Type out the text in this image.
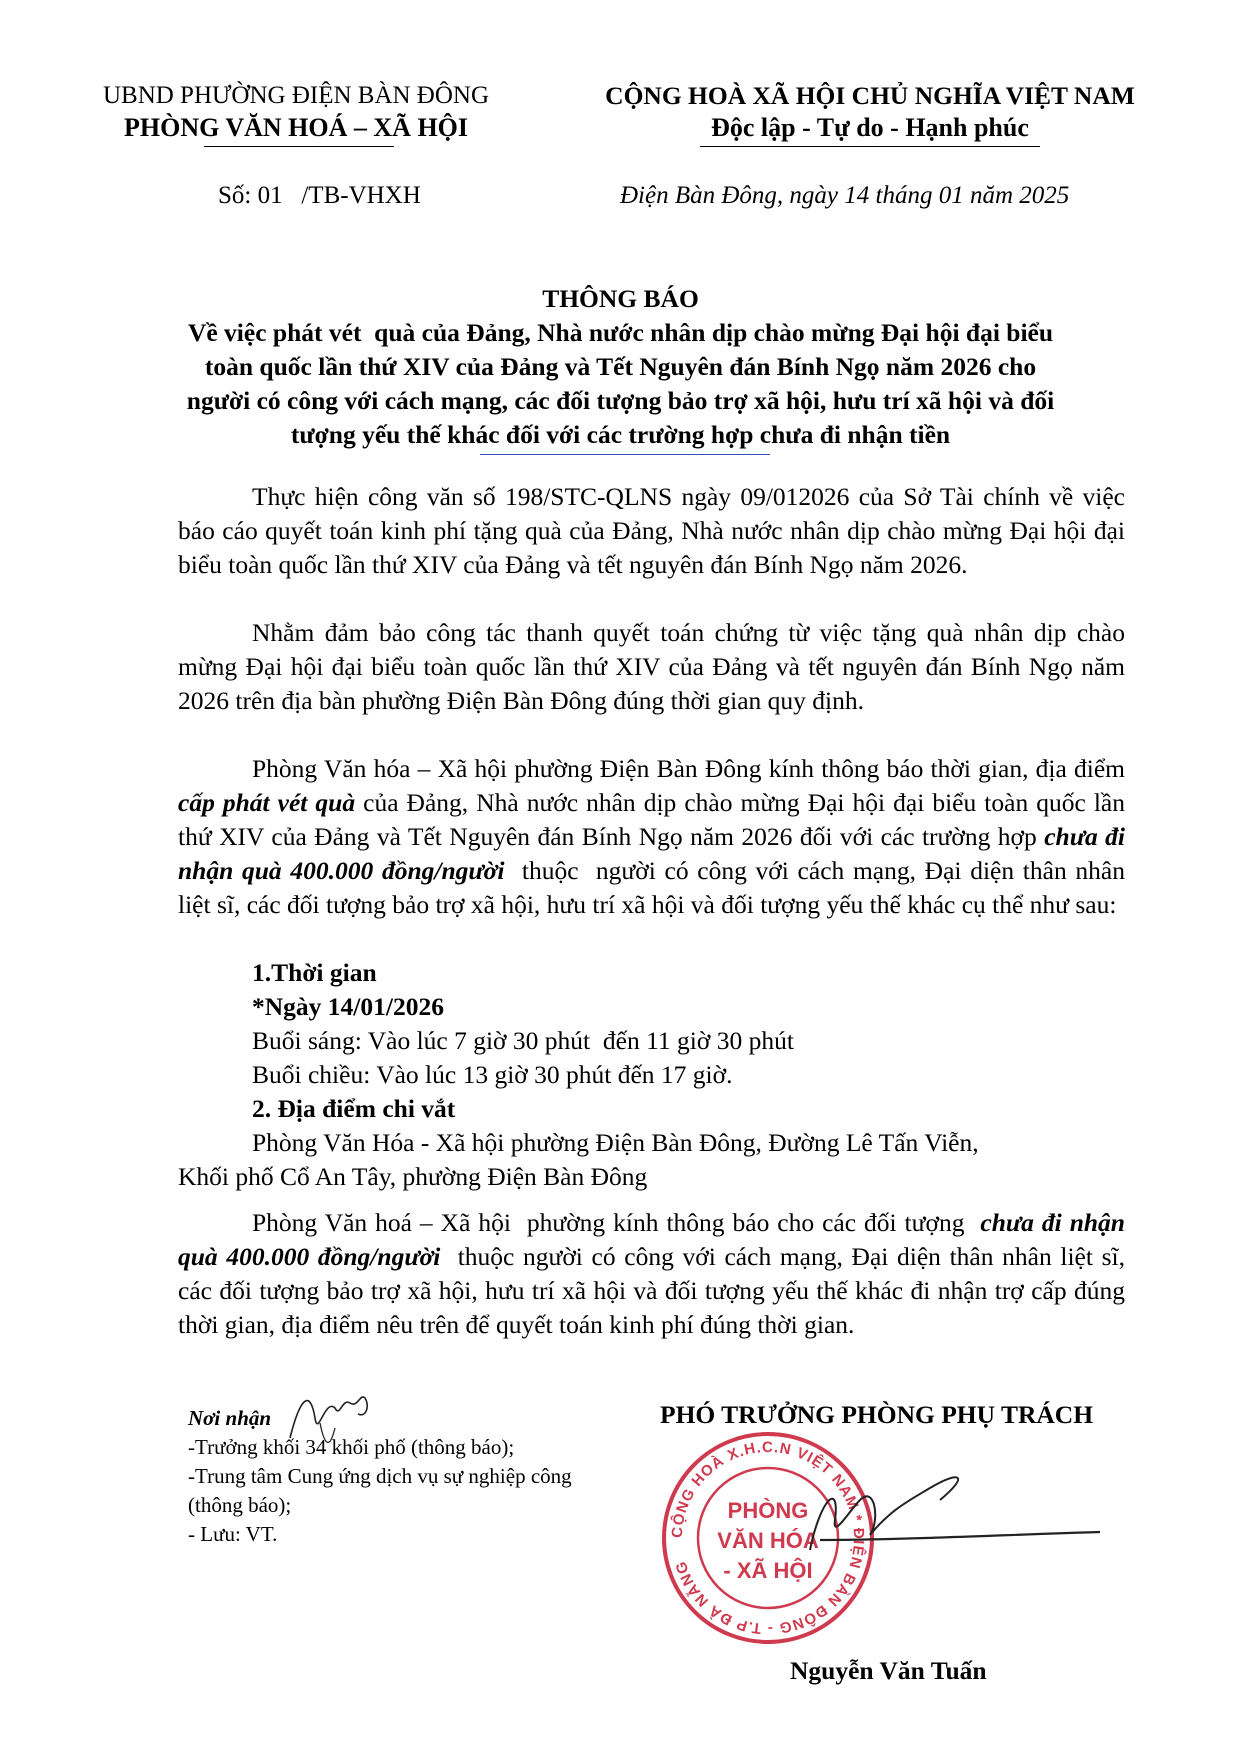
UBND PHƯỜNG ĐIỆN BÀN ĐÔNG
PHÒNG VĂN HOÁ – XÃ HỘI
CỘNG HOÀ XÃ HỘI CHỦ NGHĨA VIỆT NAM
Độc lập - Tự do - Hạnh phúc
Số: 01   /TB-VHXH	Điện Bàn Đông, ngày 14 tháng 01 năm 2025
THÔNG BÁO
Về việc phát vét  quà của Đảng, Nhà nước nhân dịp chào mừng Đại hội đại biểu
toàn quốc lần thứ XIV của Đảng và Tết Nguyên đán Bính Ngọ năm 2026 cho
người có công với cách mạng, các đối tượng bảo trợ xã hội, hưu trí xã hội và đối
tượng yếu thế khác đối với các trường hợp chưa đi nhận tiền

Thực hiện công văn số 198/STC-QLNS ngày 09/012026 của Sở Tài chính về việc báo cáo quyết toán kinh phí tặng quà của Đảng, Nhà nước nhân dịp chào mừng Đại hội đại biểu toàn quốc lần thứ XIV của Đảng và tết nguyên đán Bính Ngọ năm 2026.

Nhằm đảm bảo công tác thanh quyết toán chứng từ việc tặng quà nhân dịp chào mừng Đại hội đại biểu toàn quốc lần thứ XIV của Đảng và tết nguyên đán Bính Ngọ năm 2026 trên địa bàn phường Điện Bàn Đông đúng thời gian quy định.

Phòng Văn hóa – Xã hội phường Điện Bàn Đông kính thông báo thời gian, địa điểm cấp phát vét quà của Đảng, Nhà nước nhân dịp chào mừng Đại hội đại biểu toàn quốc lần thứ XIV của Đảng và Tết Nguyên đán Bính Ngọ năm 2026 đối với các trường hợp chưa đi nhận quà 400.000 đồng/người  thuộc  người có công với cách mạng, Đại diện thân nhân liệt sĩ, các đối tượng bảo trợ xã hội, hưu trí xã hội và đối tượng yếu thế khác cụ thể như sau:

1.Thời gian
*Ngày 14/01/2026
Buổi sáng: Vào lúc 7 giờ 30 phút  đến 11 giờ 30 phút
Buổi chiều: Vào lúc 13 giờ 30 phút đến 17 giờ.
2. Địa điểm chi vắt
Phòng Văn Hóa - Xã hội phường Điện Bàn Đông, Đường Lê Tấn Viễn,
Khối phố Cổ An Tây, phường Điện Bàn Đông

Phòng Văn hoá – Xã hội  phường kính thông báo cho các đối tượng  chưa đi nhận quà 400.000 đồng/người  thuộc người có công với cách mạng, Đại diện thân nhân liệt sĩ, các đối tượng bảo trợ xã hội, hưu trí xã hội và đối tượng yếu thế khác đi nhận trợ cấp đúng thời gian, địa điểm nêu trên để quyết toán kinh phí đúng thời gian.

Nơi nhận
-Trưởng khối 34 khối phố (thông báo);
-Trung tâm Cung ứng dịch vụ sự nghiệp công (thông báo);
- Lưu: VT.
PHÓ TRƯỞNG PHÒNG PHỤ TRÁCH
CỘNG HOÀ X.H.C.N VIỆT NAM * ĐIỆN BÀN ĐÔNG - T.P ĐÀ NẴNG
PHÒNG
VĂN HÓA
- XÃ HỘI
Nguyễn Văn Tuấn
